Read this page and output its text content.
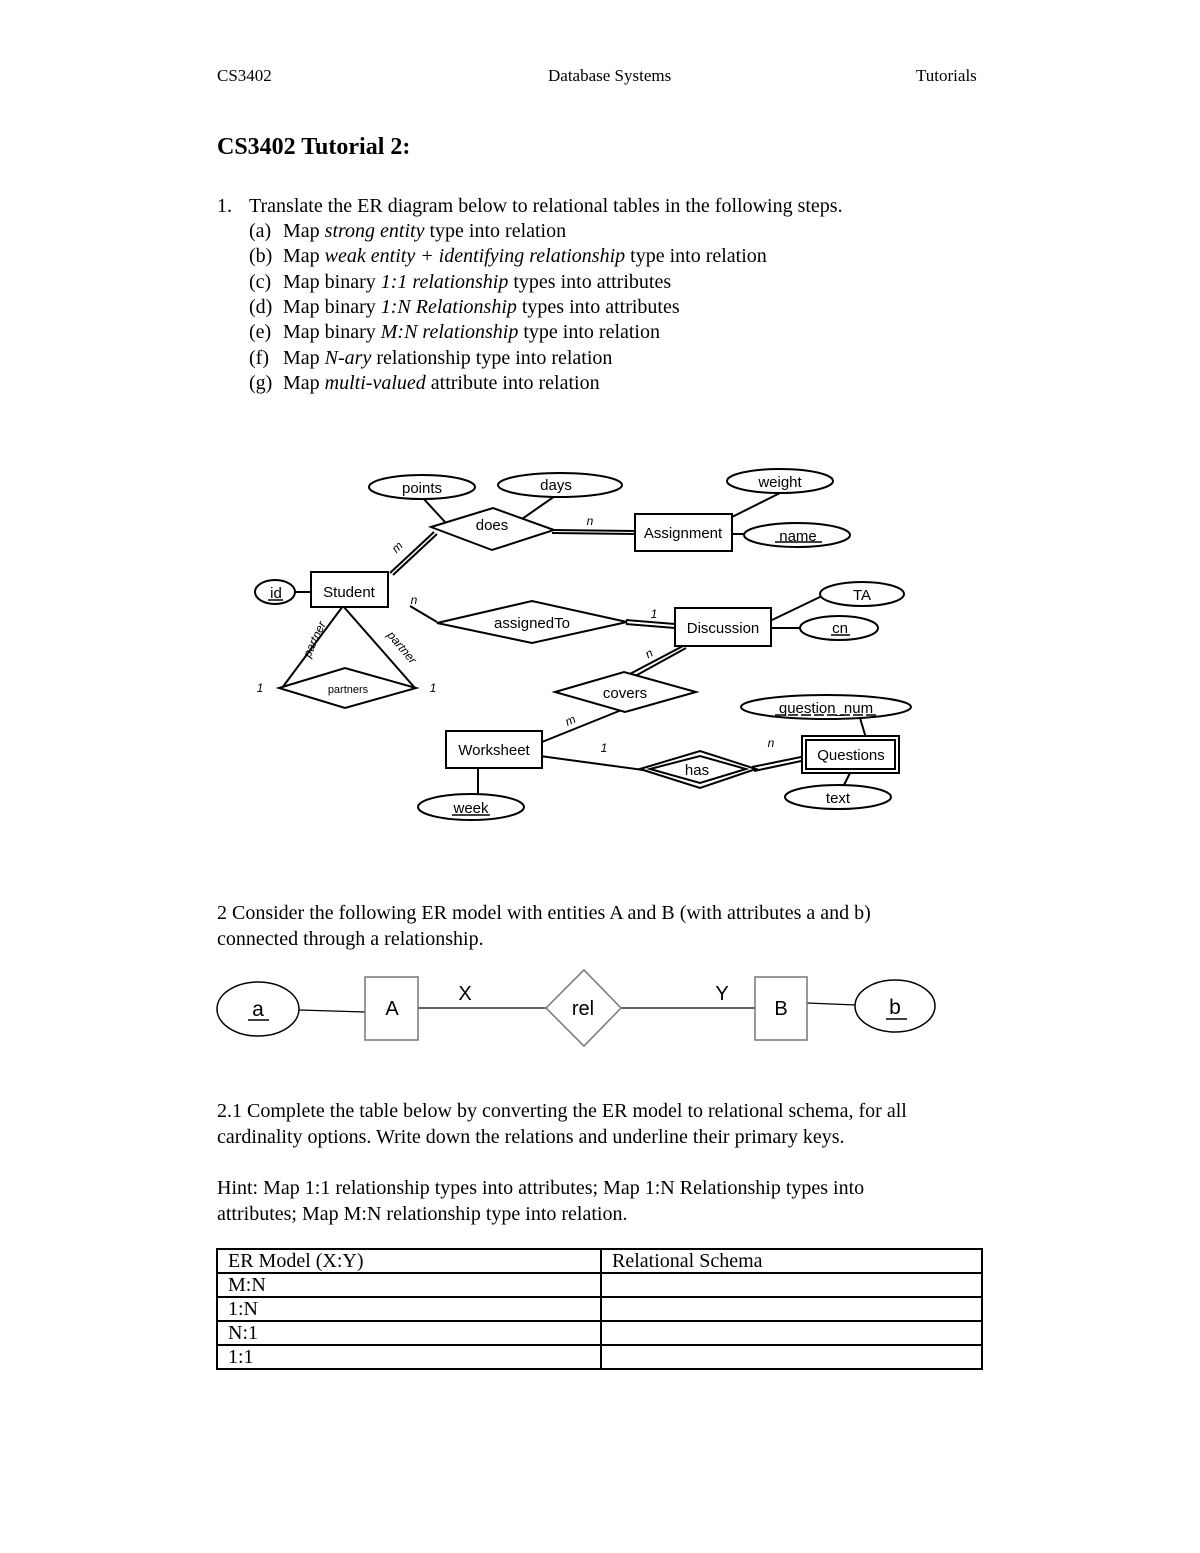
CS3402	Database Systems	Tutorials
CS3402 Tutorial 2:
1. Translate the ER diagram below to relational tables in the following steps.
(a) Map strong entity type into relation
(b) Map weak entity + identifying relationship type into relation
(c) Map binary 1:1 relationship types into attributes
(d) Map binary 1:N Relationship types into attributes
(e) Map binary M:N relationship type into relation
(f) Map N-ary relationship type into relation
(g) Map multi-valued attribute into relation
points	days	weight
name
id	TA
cn
question_num
text
week
Student
Assignment
Discussion
Worksheet	Questions
does
assignedTo
covers
has
partners
m
n
n
1
n
m
1	n
1	1
partner	partner
2 Consider the following ER model with entities A and B (with attributes a and b)
connected through a relationship.
a	b
A
X
rel
Y
B
2.1 Complete the table below by converting the ER model to relational schema, for all
cardinality options. Write down the relations and underline their primary keys.
Hint: Map 1:1 relationship types into attributes; Map 1:N Relationship types into
attributes; Map M:N relationship type into relation.
ER Model (X:Y)	Relational Schema
M:N	
1:N	
N:1	
1:1	
